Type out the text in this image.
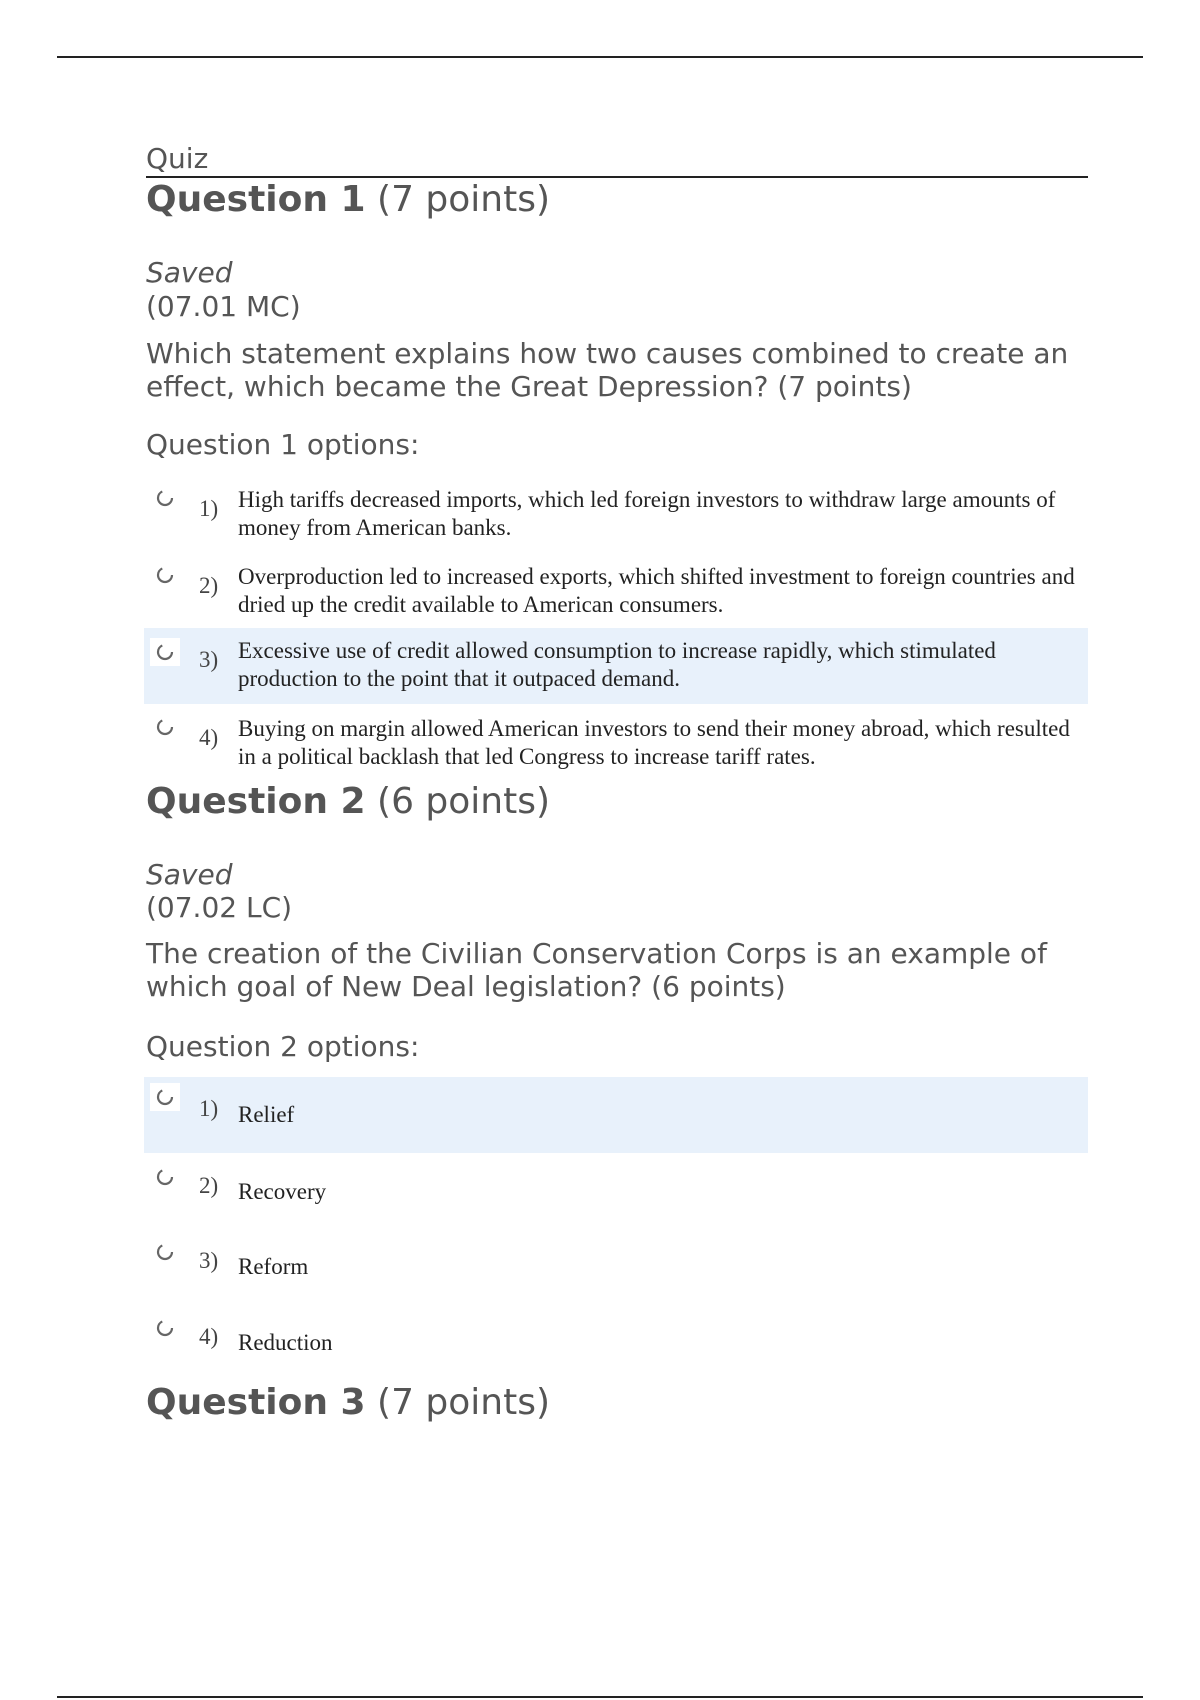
Quiz
Question 1 (7 points)
Saved
(07.01 MC)
Which statement explains how two causes combined to create an effect, which became the Great Depression? (7 points)
Question 1 options:
1) High tariffs decreased imports, which led foreign investors to withdraw large amounts of money from American banks.
2) Overproduction led to increased exports, which shifted investment to foreign countries and dried up the credit available to American consumers.
3) Excessive use of credit allowed consumption to increase rapidly, which stimulated production to the point that it outpaced demand.
4) Buying on margin allowed American investors to send their money abroad, which resulted in a political backlash that led Congress to increase tariff rates.
Question 2 (6 points)
Saved
(07.02 LC)
The creation of the Civilian Conservation Corps is an example of which goal of New Deal legislation? (6 points)
Question 2 options:
1) Relief
2) Recovery
3) Reform
4) Reduction
Question 3 (7 points)
